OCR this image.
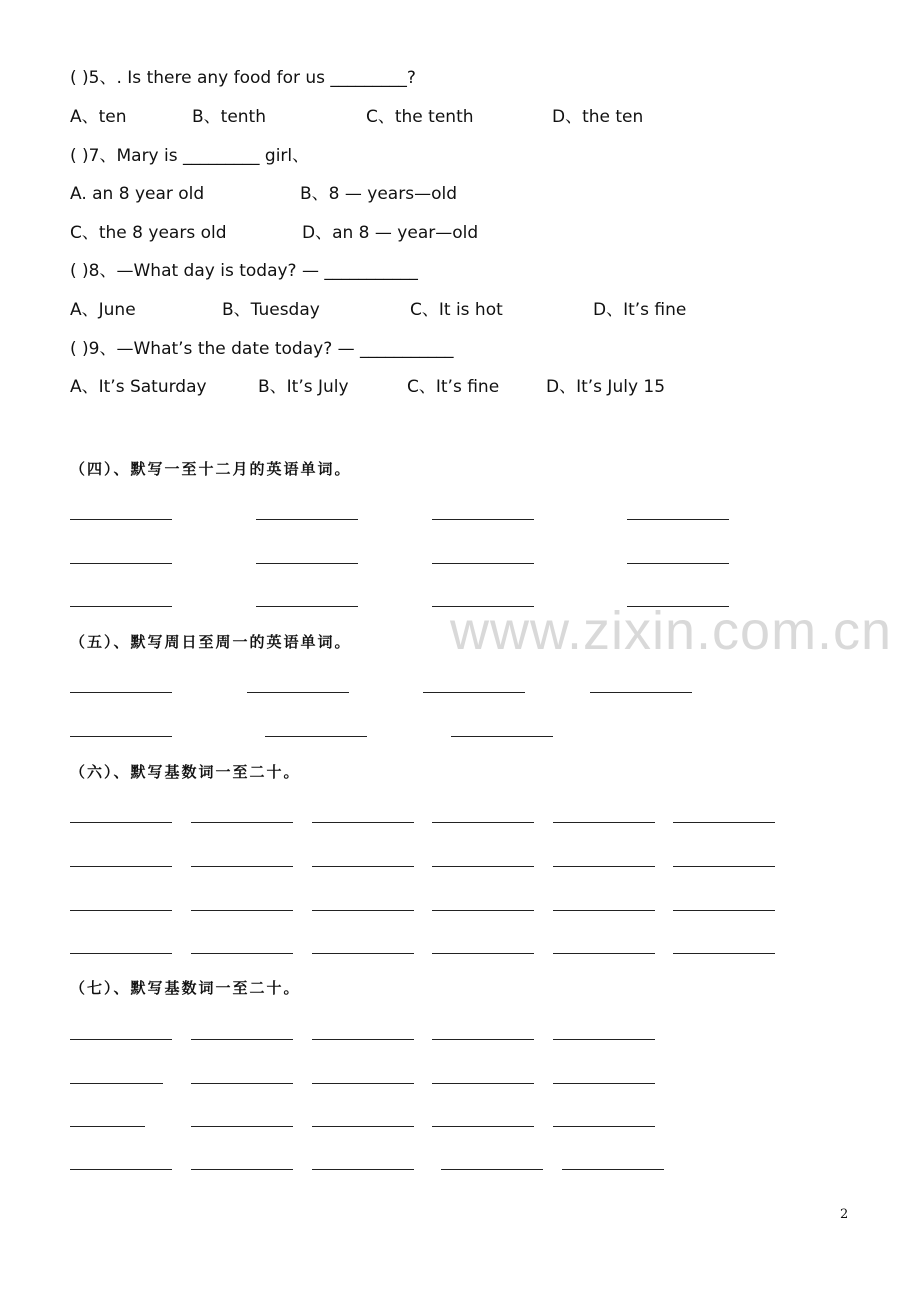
( )5、. Is there any food for us _________?
A、ten	B、tenth	C、the tenth	D、the ten
( )7、Mary is _________ girl、
A. an 8 year old	B、8 — years—old
C、the 8 years old	D、an 8 — year—old
( )8、—What day is today? — ___________
A、June	B、Tuesday	C、It is hot	D、It’s fine
( )9、—What’s the date today? — ___________
A、It’s Saturday	B、It’s July	C、It’s fine	D、It’s July 15
（四）、默写一至十二月的英语单词。
（五）、默写周日至周一的英语单词。
（六）、默写基数词一至二十。
（七）、默写基数词一至二十。
www.zixin.com.cn
2
